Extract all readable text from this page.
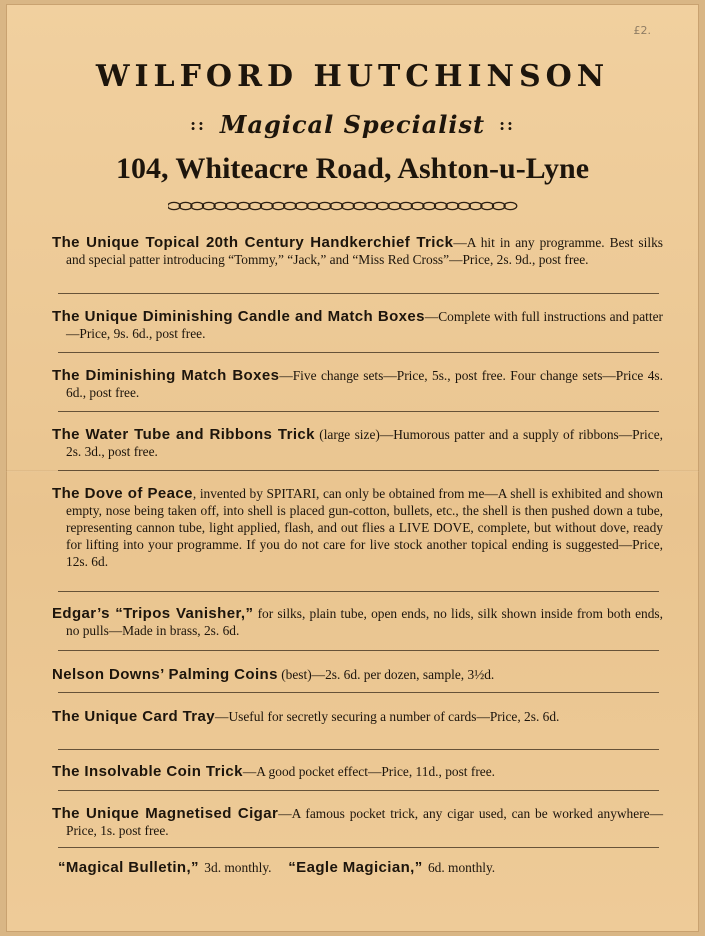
£2.
WILFORD HUTCHINSON
:: Magical Specialist ::
104, Whiteacre Road, Ashton-u-Lyne
The Unique Topical 20th Century Handkerchief Trick—A hit in any programme. Best silks and special patter introducing “Tommy,” “Jack,” and “Miss Red Cross”—Price, 2s. 9d., post free.
The Unique Diminishing Candle and Match Boxes—Complete with full instructions and patter—Price, 9s. 6d., post free.
The Diminishing Match Boxes—Five change sets—Price, 5s., post free. Four change sets—Price 4s. 6d., post free.
The Water Tube and Ribbons Trick (large size)—Humorous patter and a supply of ribbons—Price, 2s. 3d., post free.
The Dove of Peace, invented by SPITARI, can only be obtained from me—A shell is exhibited and shown empty, nose being taken off, into shell is placed gun-cotton, bullets, etc., the shell is then pushed down a tube, representing cannon tube, light applied, flash, and out flies a LIVE DOVE, complete, but without dove, ready for lifting into your programme. If you do not care for live stock another topical ending is suggested—Price, 12s. 6d.
Edgar’s “Tripos Vanisher,” for silks, plain tube, open ends, no lids, silk shown inside from both ends, no pulls—Made in brass, 2s. 6d.
Nelson Downs’ Palming Coins (best)—2s. 6d. per dozen, sample, 3½d.
The Unique Card Tray—Useful for secretly securing a number of cards—Price, 2s. 6d.
The Insolvable Coin Trick—A good pocket effect—Price, 11d., post free.
The Unique Magnetised Cigar—A famous pocket trick, any cigar used, can be worked anywhere—Price, 1s. post free.
“Magical Bulletin,” 3d. monthly. “Eagle Magician,” 6d. monthly.
